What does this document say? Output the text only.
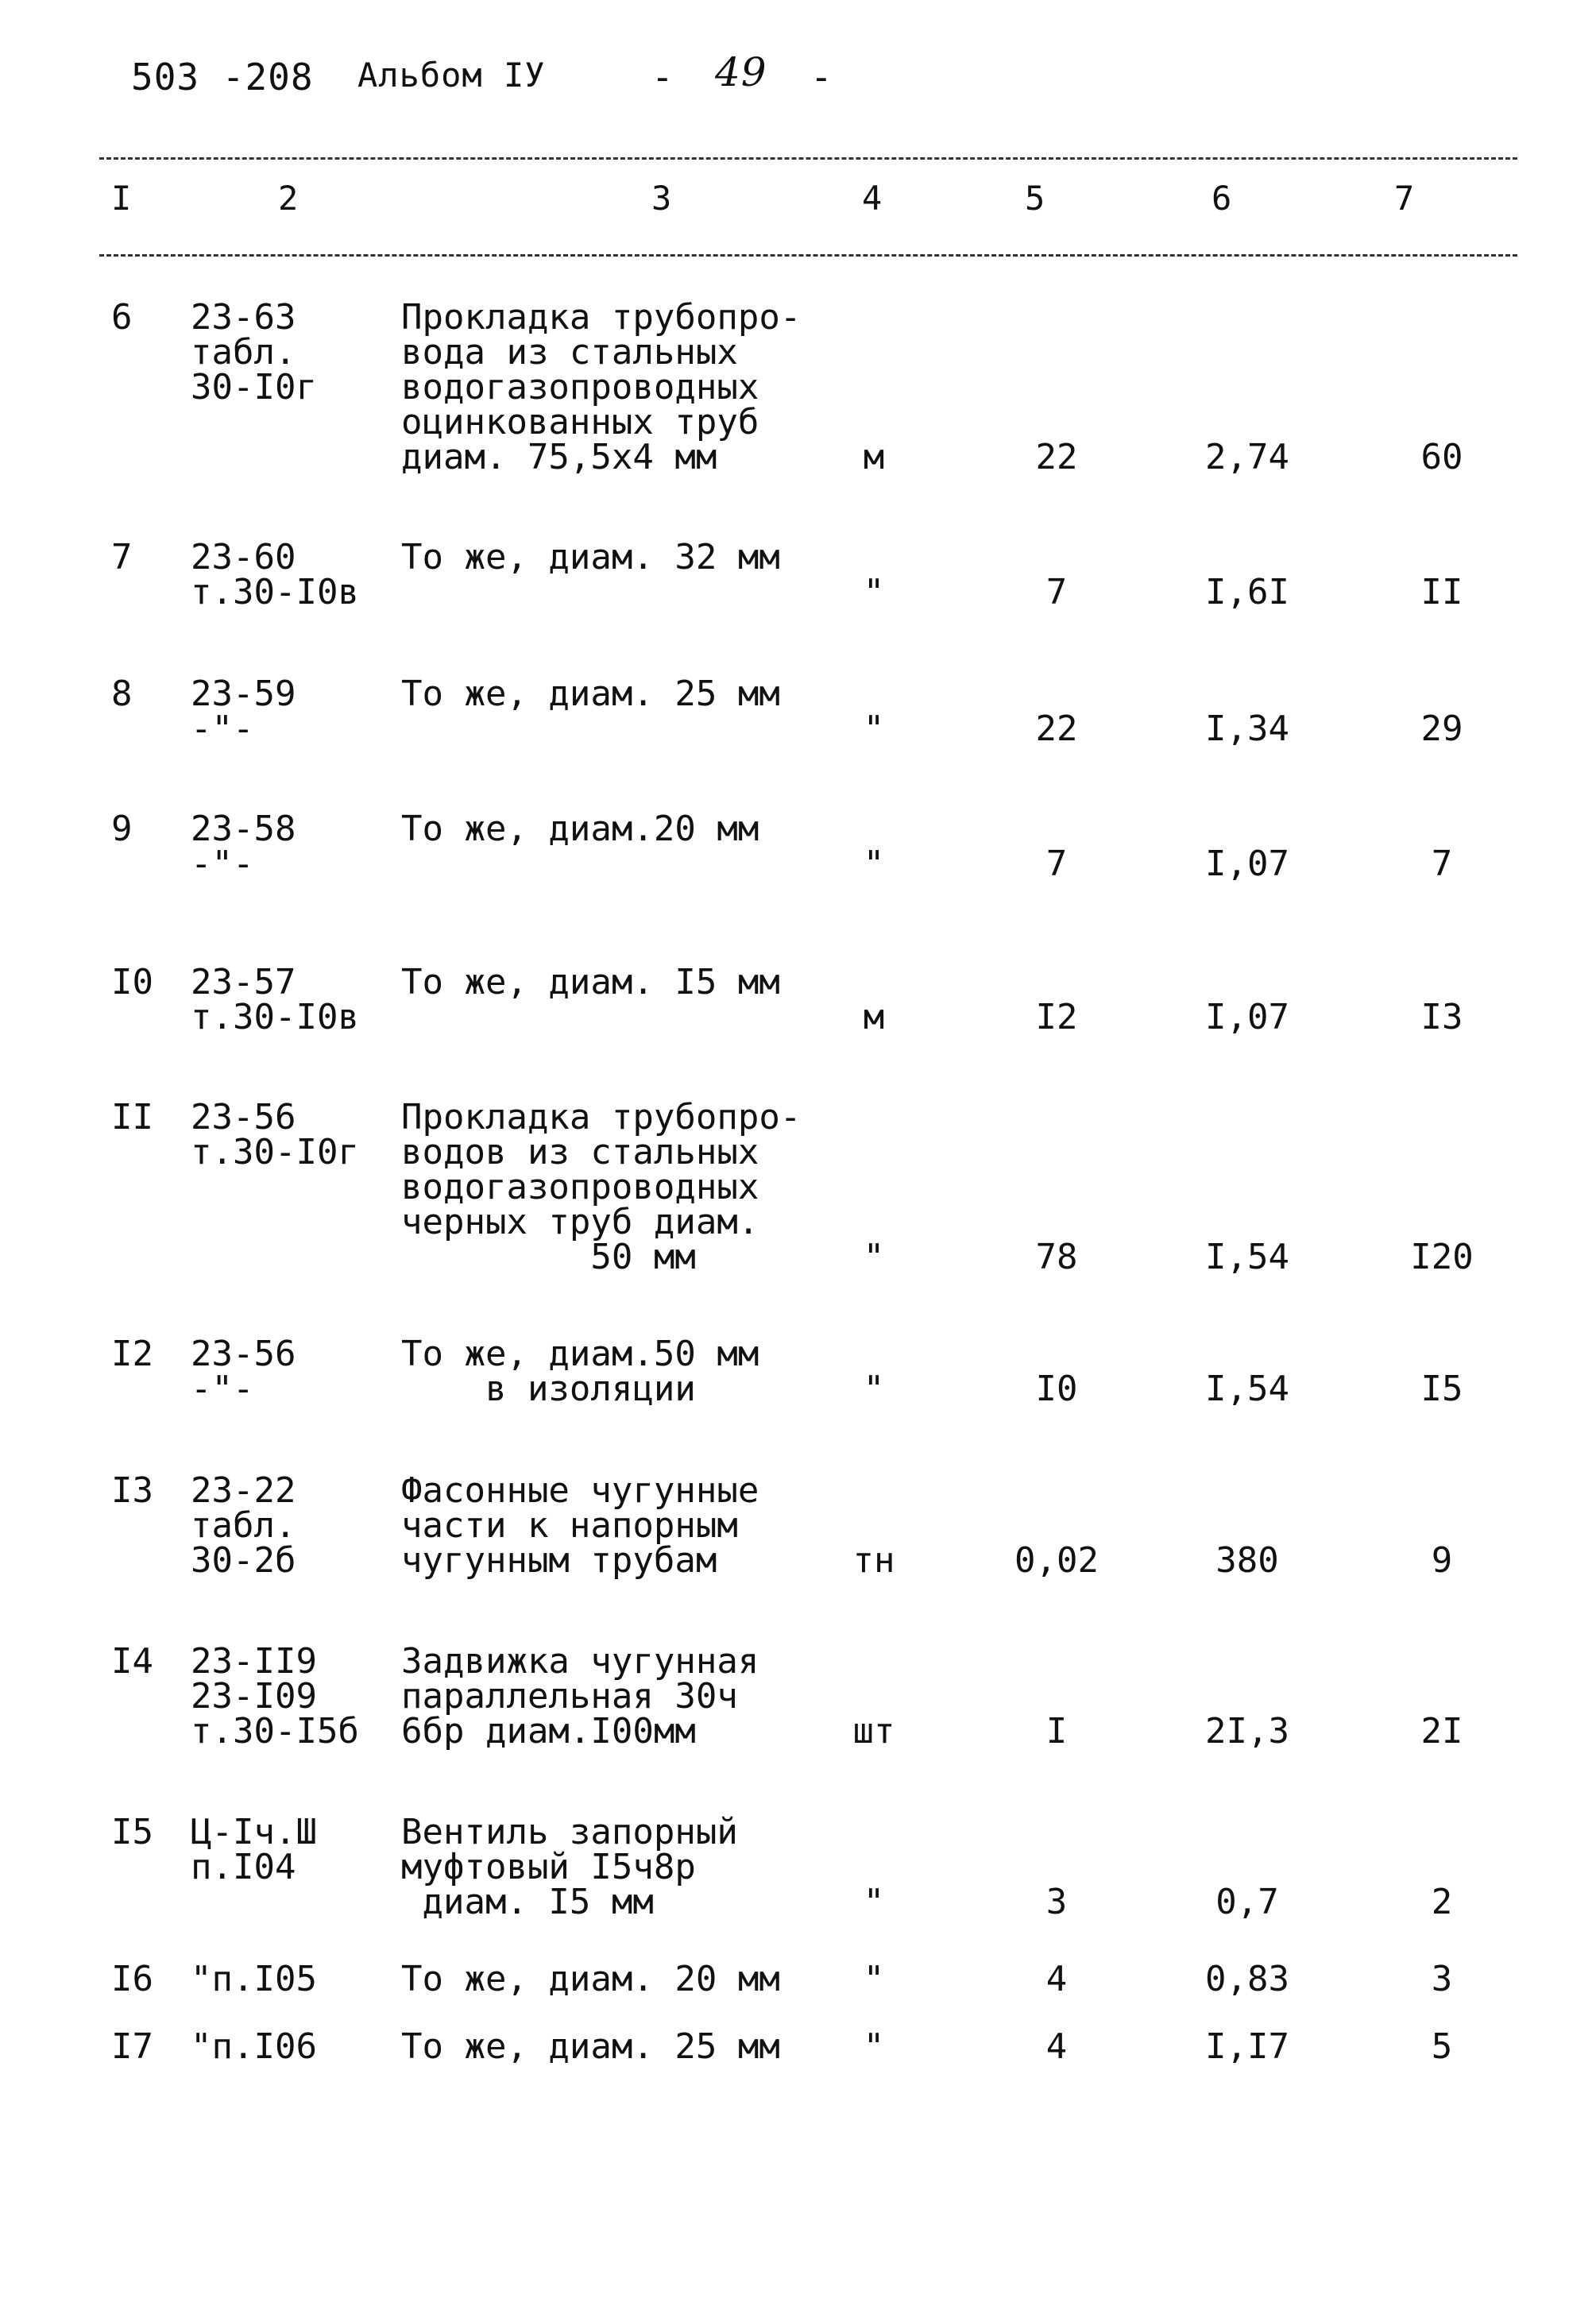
503 -208 Альбом IУ	- 49 -
I	2	3	4	5	6	7
6 23-63
табл.
30-I0г
Прокладка трубопро-
вода из стальных
водогазопроводных
оцинкованных труб
диам. 75,5х4 мм	м	22	2,74	60
7 23-60
т.30-I0в
То же, диам. 32 мм
"	7	I,6I	II
8 23-59
-"-
То же, диам. 25 мм
"	22	I,34	29
9 23-58
-"-
То же, диам.20 мм
"	7	I,07	7
I0 23-57
т.30-I0в
То же, диам. I5 мм
м	I2	I,07	I3
II 23-56
т.30-I0г
Прокладка трубопро-
водов из стальных
водогазопроводных
черных труб диам.
50 мм	"	78	I,54	I20
I2 23-56
-"-
То же, диам.50 мм
в изоляции	"	I0	I,54	I5
I3 23-22
табл.
30-2б
Фасонные чугунные
части к напорным
чугунным трубам	тн	0,02	380	9
I4 23-II9
23-I09
т.30-I5б
Задвижка чугунная
параллельная 30ч
6бр диам.I00мм	шт	I	2I,3	2I
I5 Ц-Iч.Ш
п.I04
Вентиль запорный
муфтовый I5ч8р
диам. I5 мм	"	3	0,7	2
I6 "п.I05 То же, диам. 20 мм	"	4	0,83	3
I7 "п.I06 То же, диам. 25 мм	"	4	I,I7	5
